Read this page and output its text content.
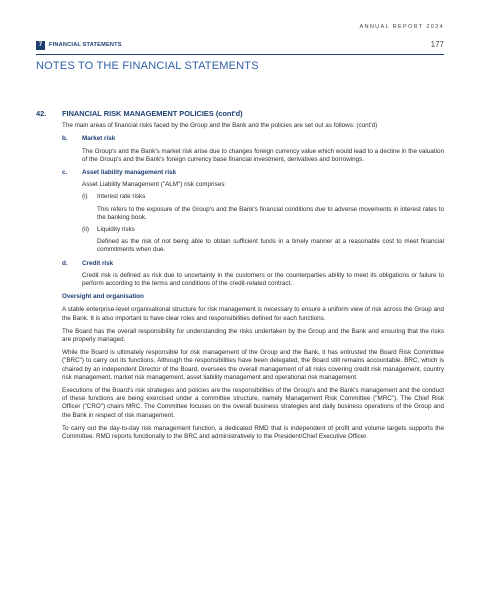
ANNUAL REPORT 2024
7	FINANCIAL STATEMENTS	177
NOTES TO THE FINANCIAL STATEMENTS
42. FINANCIAL RISK MANAGEMENT POLICIES (cont'd)

The main areas of financial risks faced by the Group and the Bank and the policies are set out as follows: (cont'd)

b. Market risk

The Group's and the Bank's market risk arise due to changes foreign currency value which would lead to a decline in the valuation of the Group's and the Bank's foreign currency base financial investment, derivatives and borrowings.

c. Asset liability management risk

Asset Liability Management ("ALM") risk comprises:

(i) Interest rate risks

This refers to the exposure of the Group's and the Bank's financial conditions due to adverse movements in interest rates to the banking book.

(ii) Liquidity risks

Defined as the risk of not being able to obtain sufficient funds in a timely manner at a reasonable cost to meet financial commitments when due.

d. Credit risk

Credit risk is defined as risk due to uncertainty in the customers or the counterparties ability to meet its obligations or failure to perform according to the terms and conditions of the credit-related contract.

Oversight and organisation

A stable enterprise-level organisational structure for risk management is necessary to ensure a uniform view of risk across the Group and the Bank. It is also important to have clear roles and responsibilities defined for each functions.

The Board has the overall responsibility for understanding the risks undertaken by the Group and the Bank and ensuring that the risks are properly managed.

While the Board is ultimately responsible for risk management of the Group and the Bank, it has entrusted the Board Risk Committee ("BRC") to carry out its functions. Although the responsibilities have been delegated, the Board still remains accountable. BRC, which is chaired by an independent Director of the Board, oversees the overall management of all risks covering credit risk management, country risk management, market risk management, asset liability management and operational risk management.

Executions of the Board's risk strategies and policies are the responsibilities of the Group's and the Bank's management and the conduct of these functions are being exercised under a committee structure, namely Management Risk Committee ("MRC"). The Chief Risk Officer ("CRO") chairs MRC. The Committee focuses on the overall business strategies and daily business operations of the Group and the Bank in respect of risk management.

To carry out the day-to-day risk management function, a dedicated RMD that is independent of profit and volume targets supports the Committee. RMD reports functionally to the BRC and administratively to the President/Chief Executive Officer.
